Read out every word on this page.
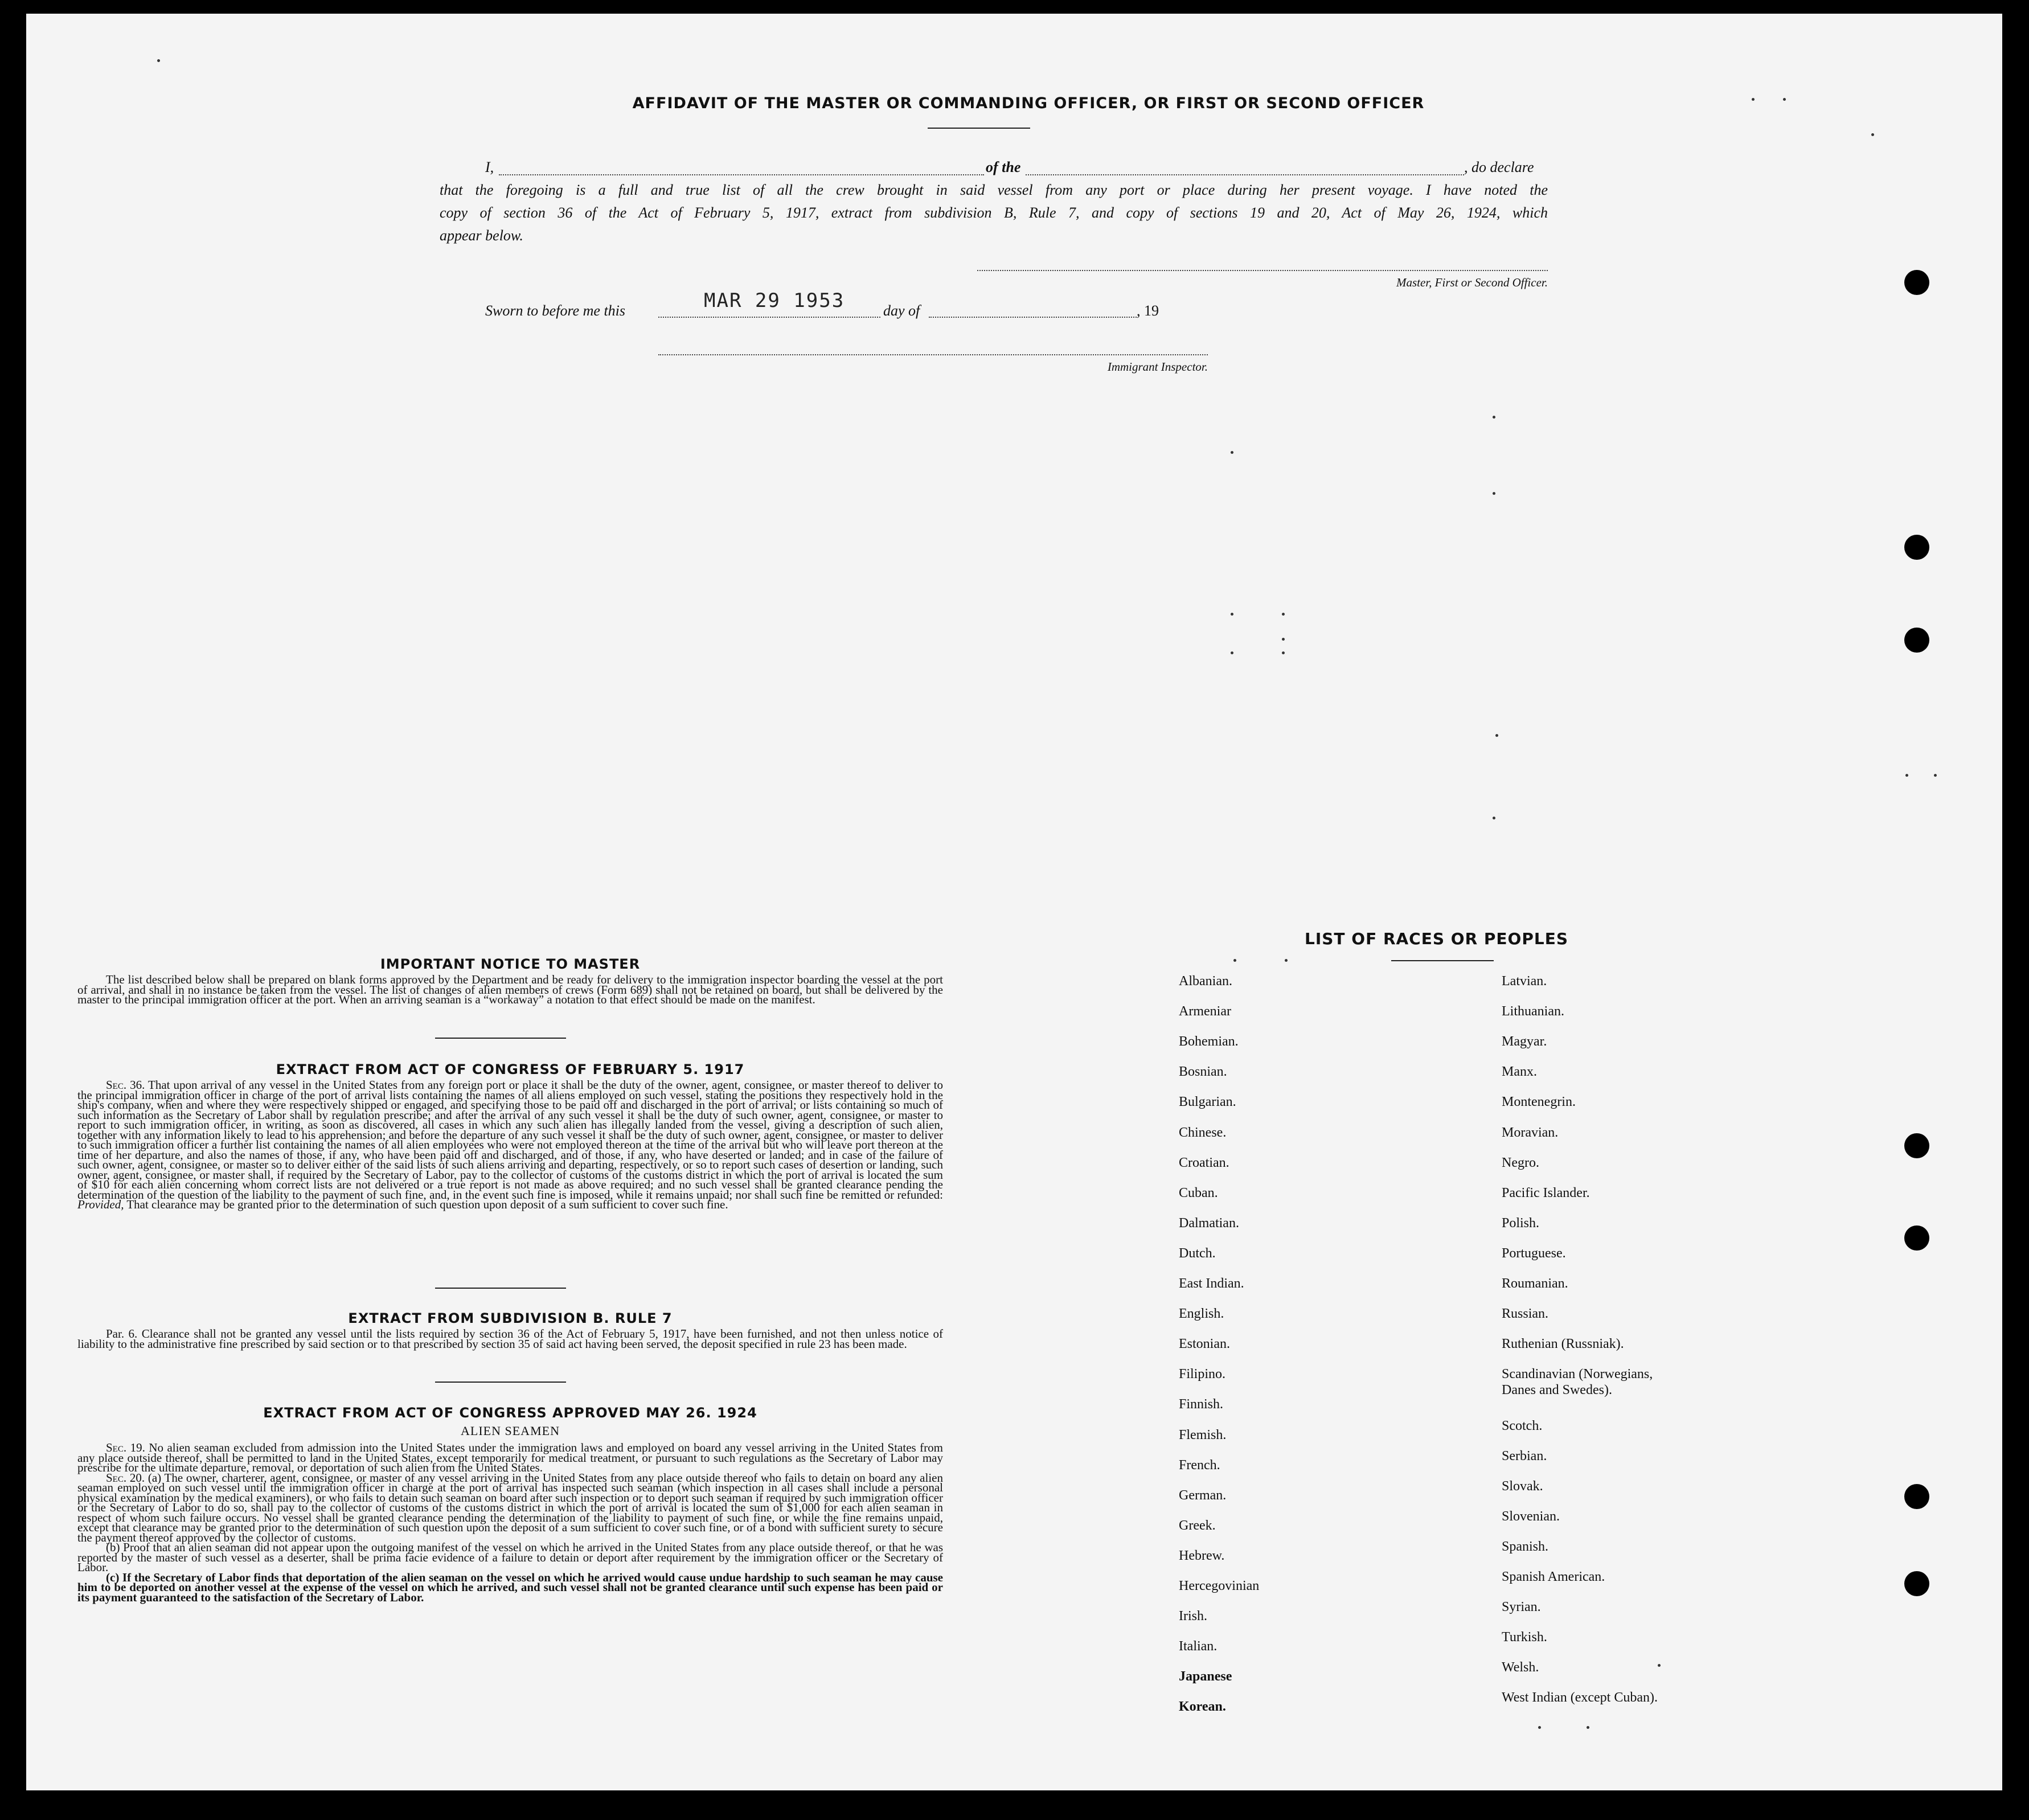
AFFIDAVIT OF THE MASTER OR COMMANDING OFFICER, OR FIRST OR SECOND OFFICER
I,	of the	, do declare
that the foregoing is a full and true list of all the crew brought in said vessel from any port or place during her present voyage. I have noted the
copy of section 36 of the Act of February 5, 1917, extract from subdivision B, Rule 7, and copy of sections 19 and 20, Act of May 26, 1924, which
appear below.
Master, First or Second Officer.
Sworn to before me this	MAR 29 1953	day of	, 19
Immigrant Inspector.
IMPORTANT NOTICE TO MASTER

The list described below shall be prepared on blank forms approved by the Department and be ready for delivery to the immigration inspector boarding the vessel at the port of arrival, and shall in no instance be taken from the vessel. The list of changes of alien members of crews (Form 689) shall not be retained on board, but shall be delivered by the master to the principal immigration officer at the port. When an arriving seaman is a “workaway” a notation to that effect should be made on the manifest.

EXTRACT FROM ACT OF CONGRESS OF FEBRUARY 5. 1917

Sec. 36. That upon arrival of any vessel in the United States from any foreign port or place it shall be the duty of the owner, agent, consignee, or master thereof to deliver to the principal immigration officer in charge of the port of arrival lists containing the names of all aliens employed on such vessel, stating the positions they respectively hold in the ship's company, when and where they were respectively shipped or engaged, and specifying those to be paid off and discharged in the port of arrival; or lists containing so much of such information as the Secretary of Labor shall by regulation prescribe; and after the arrival of any such vessel it shall be the duty of such owner, agent, consignee, or master to report to such immigration officer, in writing, as soon as discovered, all cases in which any such alien has illegally landed from the vessel, giving a description of such alien, together with any information likely to lead to his apprehension; and before the departure of any such vessel it shall be the duty of such owner, agent, consignee, or master to deliver to such immigration officer a further list containing the names of all alien employees who were not employed thereon at the time of the arrival but who will leave port thereon at the time of her departure, and also the names of those, if any, who have been paid off and discharged, and of those, if any, who have deserted or landed; and in case of the failure of such owner, agent, consignee, or master so to deliver either of the said lists of such aliens arriving and departing, respectively, or so to report such cases of desertion or landing, such owner, agent, consignee, or master shall, if required by the Secretary of Labor, pay to the collector of customs of the customs district in which the port of arrival is located the sum of $10 for each alien concerning whom correct lists are not delivered or a true report is not made as above required; and no such vessel shall be granted clearance pending the determination of the question of the liability to the payment of such fine, and, in the event such fine is imposed, while it remains unpaid; nor shall such fine be remitted or refunded: Provided, That clearance may be granted prior to the determination of such question upon deposit of a sum sufficient to cover such fine.

EXTRACT FROM SUBDIVISION B. RULE 7

Par. 6. Clearance shall not be granted any vessel until the lists required by section 36 of the Act of February 5, 1917, have been furnished, and not then unless notice of liability to the administrative fine prescribed by said section or to that prescribed by section 35 of said act having been served, the deposit specified in rule 23 has been made.

EXTRACT FROM ACT OF CONGRESS APPROVED MAY 26. 1924
ALIEN SEAMEN

Sec. 19. No alien seaman excluded from admission into the United States under the immigration laws and employed on board any vessel arriving in the United States from any place outside thereof, shall be permitted to land in the United States, except temporarily for medical treatment, or pursuant to such regulations as the Secretary of Labor may prescribe for the ultimate departure, removal, or deportation of such alien from the United States.

Sec. 20. (a) The owner, charterer, agent, consignee, or master of any vessel arriving in the United States from any place outside thereof who fails to detain on board any alien seaman employed on such vessel until the immigration officer in charge at the port of arrival has inspected such seaman (which inspection in all cases shall include a personal physical examination by the medical examiners), or who fails to detain such seaman on board after such inspection or to deport such seaman if required by such immigration officer or the Secretary of Labor to do so, shall pay to the collector of customs of the customs district in which the port of arrival is located the sum of $1,000 for each alien seaman in respect of whom such failure occurs. No vessel shall be granted clearance pending the determination of the liability to payment of such fine, or while the fine remains unpaid, except that clearance may be granted prior to the determination of such question upon the deposit of a sum sufficient to cover such fine, or of a bond with sufficient surety to secure the payment thereof approved by the collector of customs.

(b) Proof that an alien seaman did not appear upon the outgoing manifest of the vessel on which he arrived in the United States from any place outside thereof, or that he was reported by the master of such vessel as a deserter, shall be prima facie evidence of a failure to detain or deport after requirement by the immigration officer or the Secretary of Labor.

(c) If the Secretary of Labor finds that deportation of the alien seaman on the vessel on which he arrived would cause undue hardship to such seaman he may cause him to be deported on another vessel at the expense of the vessel on which he arrived, and such vessel shall not be granted clearance until such expense has been paid or its payment guaranteed to the satisfaction of the Secretary of Labor.

LIST OF RACES OR PEOPLES
Albanian.
Armeniar
Bohemian.
Bosnian.
Bulgarian.
Chinese.
Croatian.
Cuban.
Dalmatian.
Dutch.
East Indian.
English.
Estonian.
Filipino.
Finnish.
Flemish.
French.
German.
Greek.
Hebrew.
Hercegovinian
Irish.
Italian.
Japanese
Korean.
Latvian.
Lithuanian.
Magyar.
Manx.
Montenegrin.
Moravian.
Negro.
Pacific Islander.
Polish.
Portuguese.
Roumanian.
Russian.
Ruthenian (Russniak).
Scandinavian (Norwegians,
Danes and Swedes).
Scotch.
Serbian.
Slovak.
Slovenian.
Spanish.
Spanish American.
Syrian.
Turkish.
Welsh.
West Indian (except Cuban).
